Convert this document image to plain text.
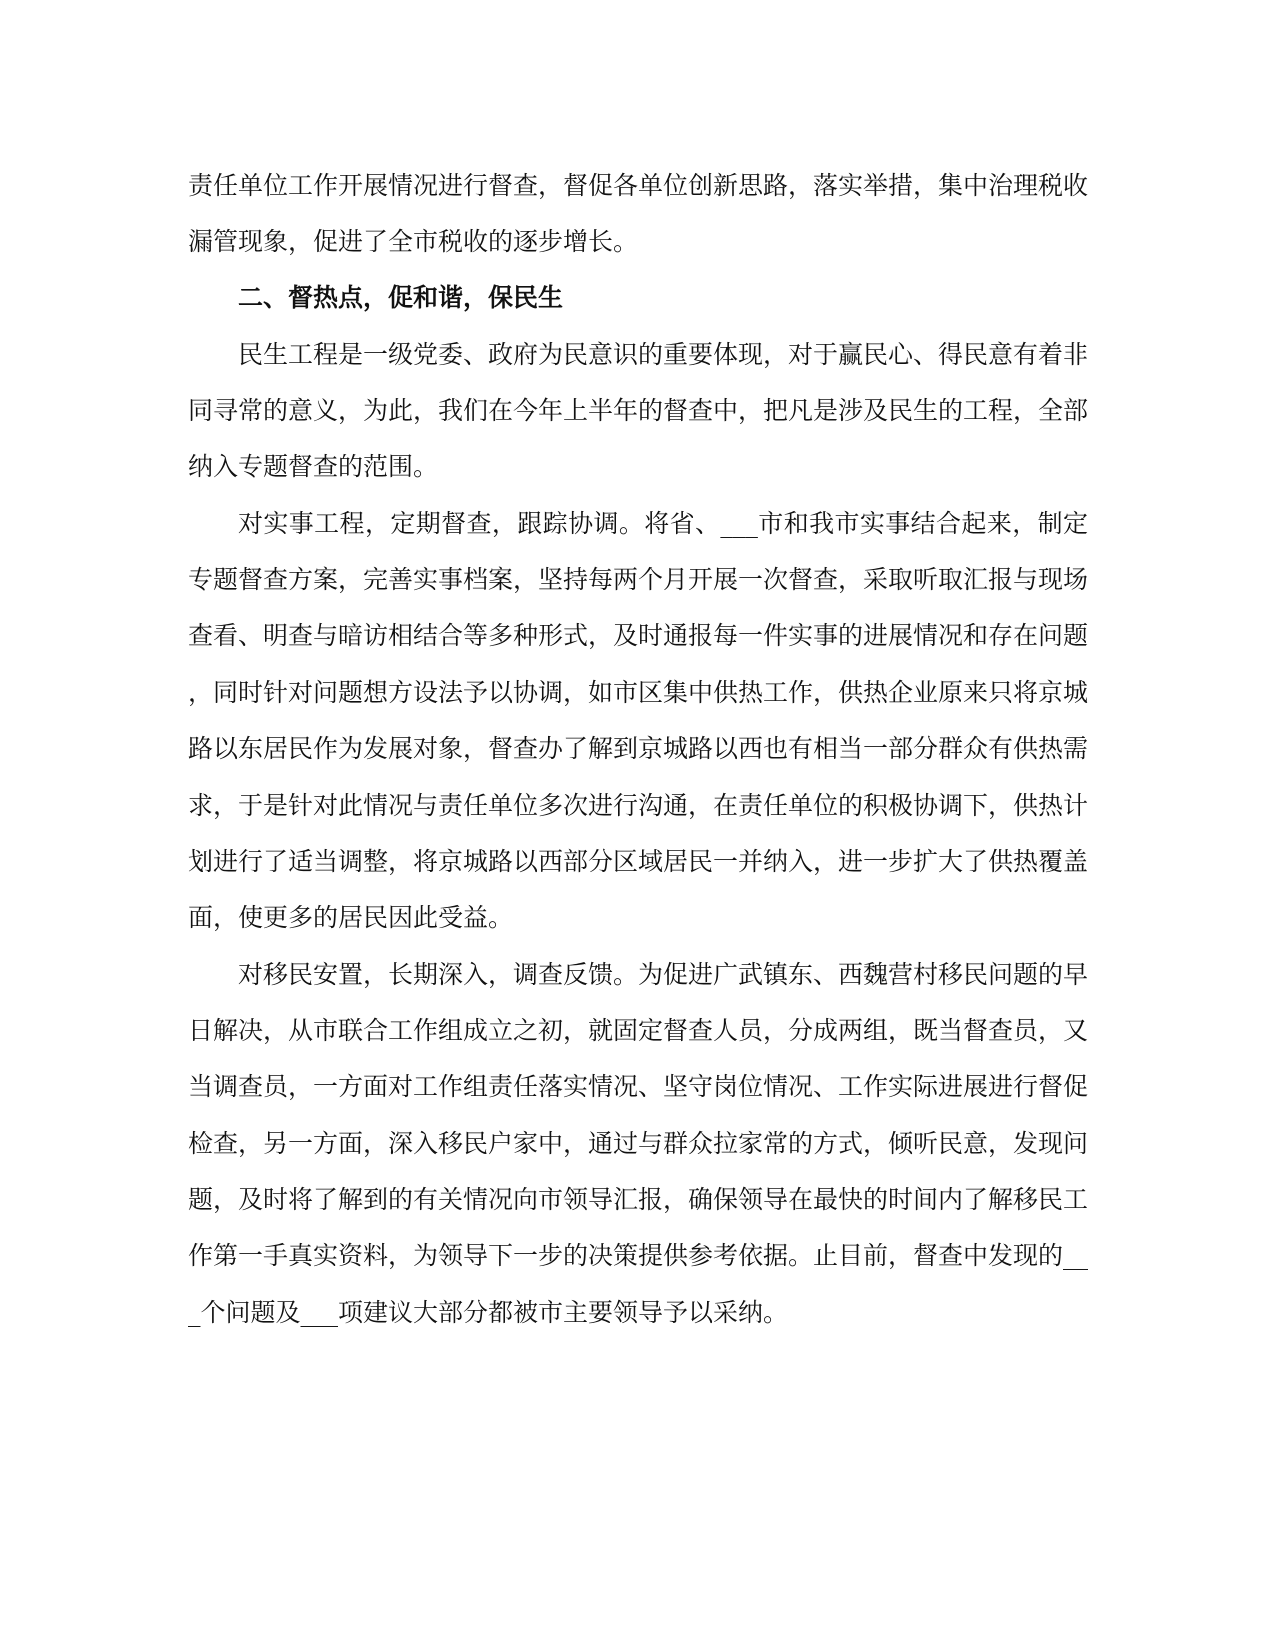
责任单位工作开展情况进行督查，督促各单位创新思路，落实举措，集中治理税收
漏管现象，促进了全市税收的逐步增长。
二、督热点，促和谐，保民生
民生工程是一级党委、政府为民意识的重要体现，对于赢民心、得民意有着非
同寻常的意义，为此，我们在今年上半年的督查中，把凡是涉及民生的工程，全部
纳入专题督查的范围。
对实事工程，定期督查，跟踪协调。将省、___市和我市实事结合起来，制定
专题督查方案，完善实事档案，坚持每两个月开展一次督查，采取听取汇报与现场
查看、明查与暗访相结合等多种形式，及时通报每一件实事的进展情况和存在问题
，同时针对问题想方设法予以协调，如市区集中供热工作，供热企业原来只将京城
路以东居民作为发展对象，督查办了解到京城路以西也有相当一部分群众有供热需
求，于是针对此情况与责任单位多次进行沟通，在责任单位的积极协调下，供热计
划进行了适当调整，将京城路以西部分区域居民一并纳入，进一步扩大了供热覆盖
面，使更多的居民因此受益。
对移民安置，长期深入，调查反馈。为促进广武镇东、西魏营村移民问题的早
日解决，从市联合工作组成立之初，就固定督查人员，分成两组，既当督查员，又
当调查员，一方面对工作组责任落实情况、坚守岗位情况、工作实际进展进行督促
检查，另一方面，深入移民户家中，通过与群众拉家常的方式，倾听民意，发现问
题，及时将了解到的有关情况向市领导汇报，确保领导在最快的时间内了解移民工
作第一手真实资料，为领导下一步的决策提供参考依据。止目前，督查中发现的__
_个问题及___项建议大部分都被市主要领导予以采纳。
